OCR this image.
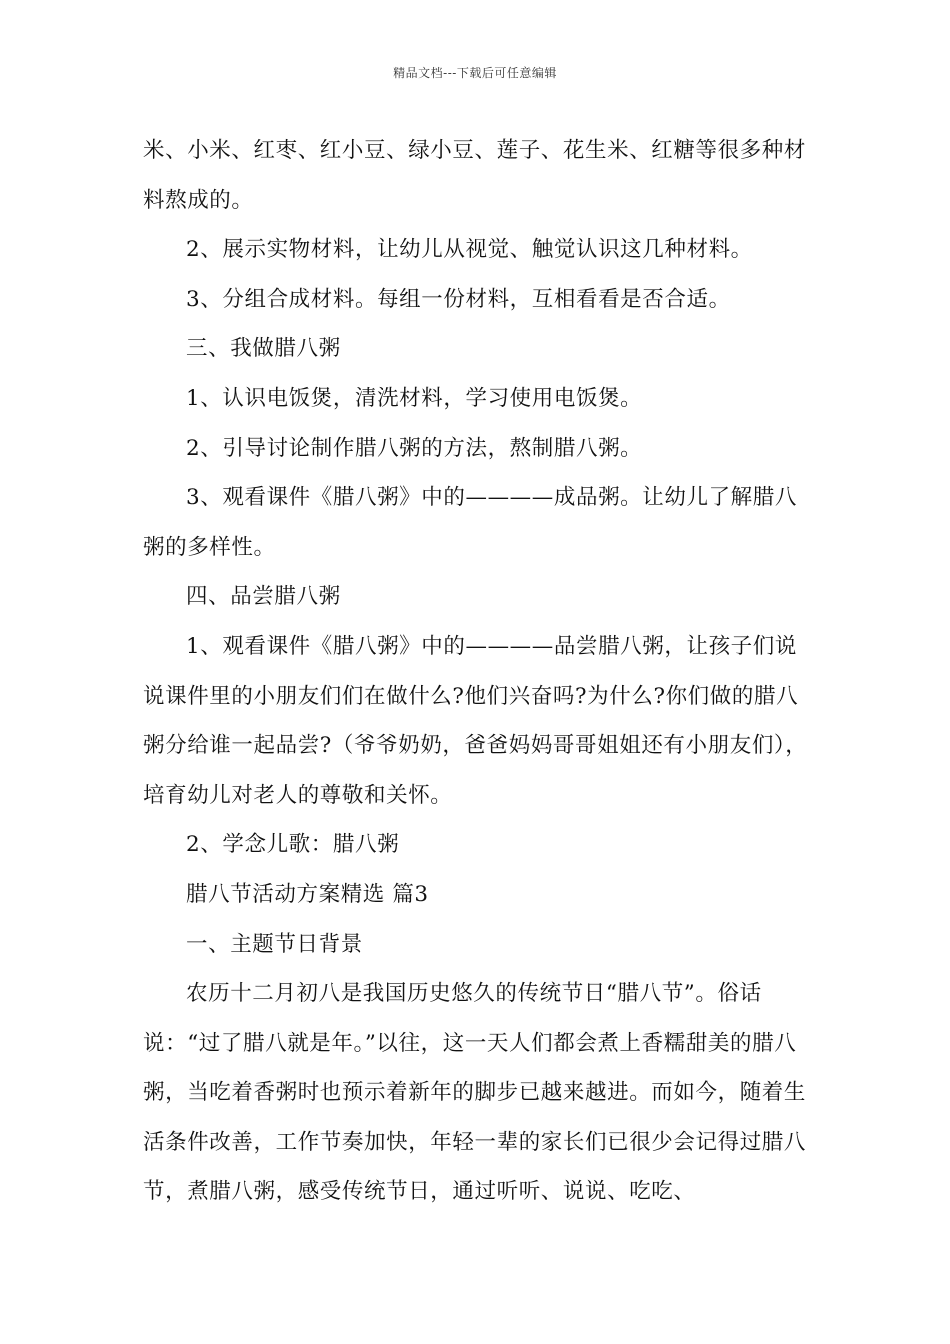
精品文档---下载后可任意编辑

米、小米、红枣、红小豆、绿小豆、莲子、花生米、红糖等很多种材料熬成的。

2、展示实物材料，让幼儿从视觉、触觉认识这几种材料。

3、分组合成材料。每组一份材料，互相看看是否合适。

三、我做腊八粥

1、认识电饭煲，清洗材料，学习使用电饭煲。

2、引导讨论制作腊八粥的方法，熬制腊八粥。

3、观看课件《腊八粥》中的————成品粥。让幼儿了解腊八粥的多样性。

四、品尝腊八粥

1、观看课件《腊八粥》中的————品尝腊八粥，让孩子们说说课件里的小朋友们们在做什么?他们兴奋吗?为什么?你们做的腊八粥分给谁一起品尝?（爷爷奶奶，爸爸妈妈哥哥姐姐还有小朋友们），培育幼儿对老人的尊敬和关怀。

2、学念儿歌：腊八粥

腊八节活动方案精选 篇3

一、主题节日背景

农历十二月初八是我国历史悠久的传统节日“腊八节”。俗话说：“过了腊八就是年。”以往，这一天人们都会煮上香糯甜美的腊八粥，当吃着香粥时也预示着新年的脚步已越来越进。而如今，随着生活条件改善，工作节奏加快，年轻一辈的家长们已很少会记得过腊八节，煮腊八粥，感受传统节日，通过听听、说说、吃吃、
